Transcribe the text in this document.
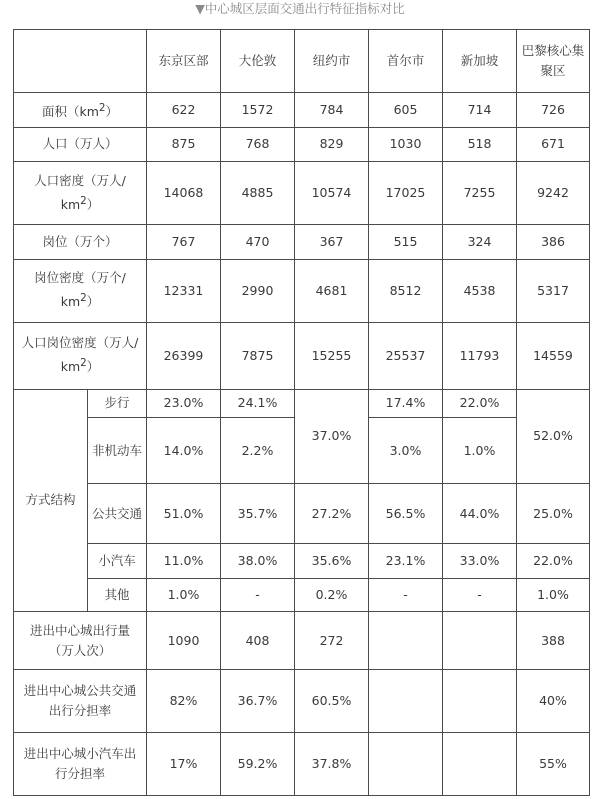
▼中心城区层面交通出行特征指标对比
		东京区部	大伦敦	纽约市	首尔市	新加坡	巴黎核心集聚区
面积$(km^2)$		622	1572	784	605	714	726
人口（万人）		875	768	829	1030	518	671
人口密度（万人/ $km^2$）		14068	4885	10574	17025	7255	9242
岗位（万个）		767	470	367	515	324	386
岗位密度（万个/ $km^2$）		12331	2990	4681	8512	4538	5317
人口岗位密度（万人/ $km^2$）		26399	7875	15255	25537	11793	14559
方式结构	步行	23.0%	24.1%	37.0%	17.4%	22.0%	52.0%
	非机动车	14.0%	2.2%		3.0%	1.0%	
	公共交通	51.0%	35.7%	27.2%	56.5%	44.0%	25.0%
	小汽车	11.0%	38.0%	35.6%	23.1%	33.0%	22.0%
	其他	1.0%	-	0.2%	-	-	1.0%
进出中心城出行量（万人次）		1090	408	272			388
进出中心城公共交通出行分担率		82%	36.7%	60.5%			40%
进出中心城小汽车出行分担率		17%	59.2%	37.8%			55%
